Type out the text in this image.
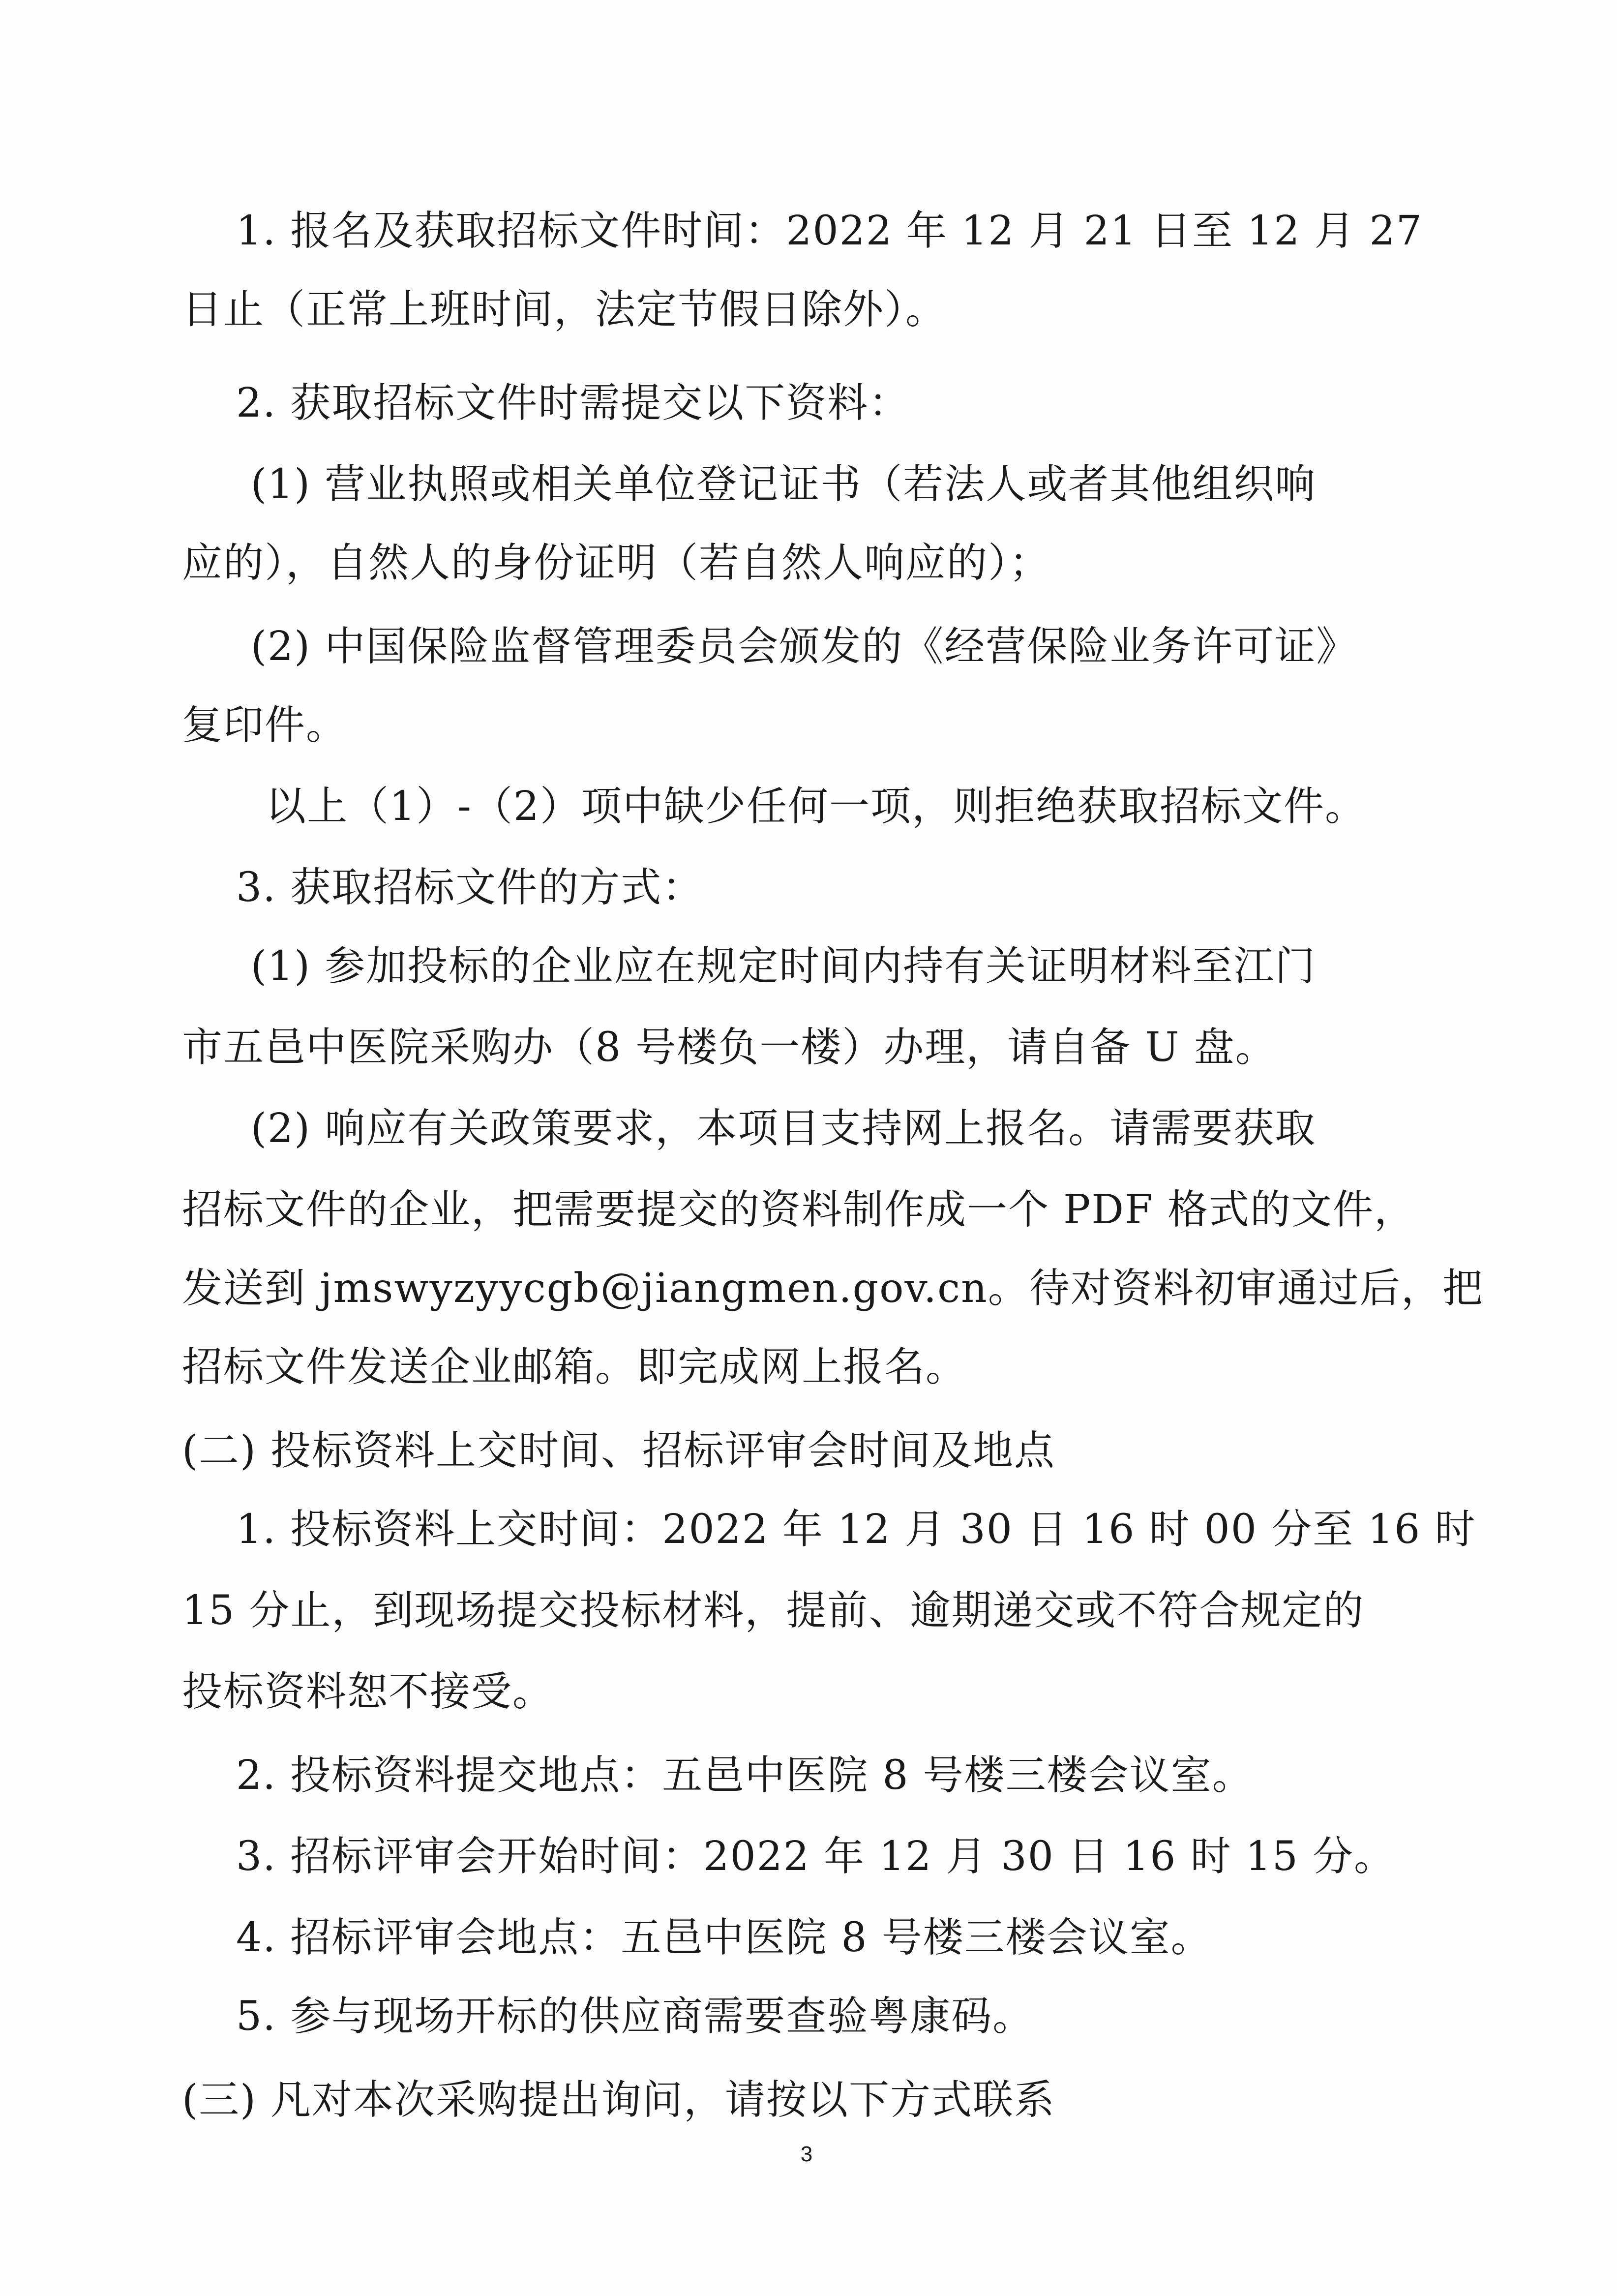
1. 报名及获取招标文件时间：2022 年 12 月 21 日至 12 月 27

日止（正常上班时间，法定节假日除外）。

2. 获取招标文件时需提交以下资料：

(1) 营业执照或相关单位登记证书（若法人或者其他组织响

应的），自然人的身份证明（若自然人响应的）；

(2) 中国保险监督管理委员会颁发的《经营保险业务许可证》

复印件。

以上（1）-（2）项中缺少任何一项，则拒绝获取招标文件。

3. 获取招标文件的方式：

(1) 参加投标的企业应在规定时间内持有关证明材料至江门

市五邑中医院采购办（8 号楼负一楼）办理，请自备 U 盘。

(2) 响应有关政策要求，本项目支持网上报名。请需要获取

招标文件的企业，把需要提交的资料制作成一个 PDF 格式的文件，

发送到 jmswyzyycgb@jiangmen.gov.cn。待对资料初审通过后，把

招标文件发送企业邮箱。即完成网上报名。

(二) 投标资料上交时间、招标评审会时间及地点

1. 投标资料上交时间：2022 年 12 月 30 日 16 时 00 分至 16 时

15 分止，到现场提交投标材料，提前、逾期递交或不符合规定的

投标资料恕不接受。

2. 投标资料提交地点：五邑中医院 8 号楼三楼会议室。

3. 招标评审会开始时间：2022 年 12 月 30 日 16 时 15 分。

4. 招标评审会地点：五邑中医院 8 号楼三楼会议室。

5. 参与现场开标的供应商需要查验粤康码。

(三) 凡对本次采购提出询问，请按以下方式联系

3
